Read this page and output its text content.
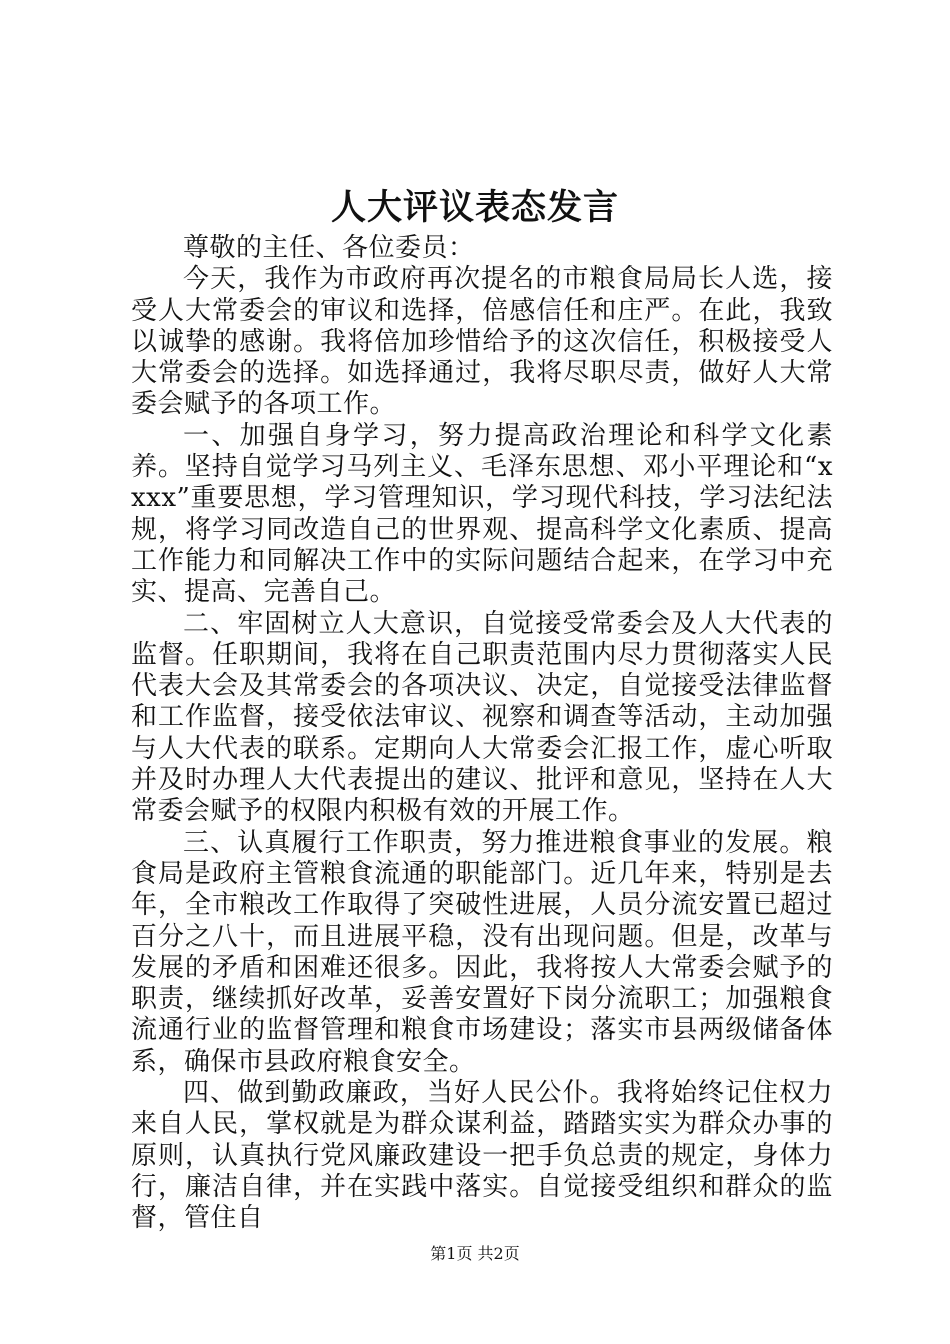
人大评议表态发言

尊敬的主任、各位委员：

今天，我作为市政府再次提名的市粮食局局长人选，接受人大常委会的审议和选择，倍感信任和庄严。在此，我致以诚挚的感谢。我将倍加珍惜给予的这次信任，积极接受人大常委会的选择。如选择通过，我将尽职尽责，做好人大常委会赋予的各项工作。

一、加强自身学习，努力提高政治理论和科学文化素养。坚持自觉学习马列主义、毛泽东思想、邓小平理论和“xxxx”重要思想，学习管理知识，学习现代科技，学习法纪法规，将学习同改造自己的世界观、提高科学文化素质、提高工作能力和同解决工作中的实际问题结合起来，在学习中充实、提高、完善自己。

二、牢固树立人大意识，自觉接受常委会及人大代表的监督。任职期间，我将在自己职责范围内尽力贯彻落实人民代表大会及其常委会的各项决议、决定，自觉接受法律监督和工作监督，接受依法审议、视察和调查等活动，主动加强与人大代表的联系。定期向人大常委会汇报工作，虚心听取并及时办理人大代表提出的建议、批评和意见，坚持在人大常委会赋予的权限内积极有效的开展工作。

三、认真履行工作职责，努力推进粮食事业的发展。粮食局是政府主管粮食流通的职能部门。近几年来，特别是去年，全市粮改工作取得了突破性进展，人员分流安置已超过百分之八十，而且进展平稳，没有出现问题。但是，改革与发展的矛盾和困难还很多。因此，我将按人大常委会赋予的职责，继续抓好改革，妥善安置好下岗分流职工；加强粮食流通行业的监督管理和粮食市场建设；落实市县两级储备体系，确保市县政府粮食安全。

四、做到勤政廉政，当好人民公仆。我将始终记住权力来自人民，掌权就是为群众谋利益，踏踏实实为群众办事的原则，认真执行党风廉政建设一把手负总责的规定，身体力行，廉洁自律，并在实践中落实。自觉接受组织和群众的监督，管住自

第1页 共2页
